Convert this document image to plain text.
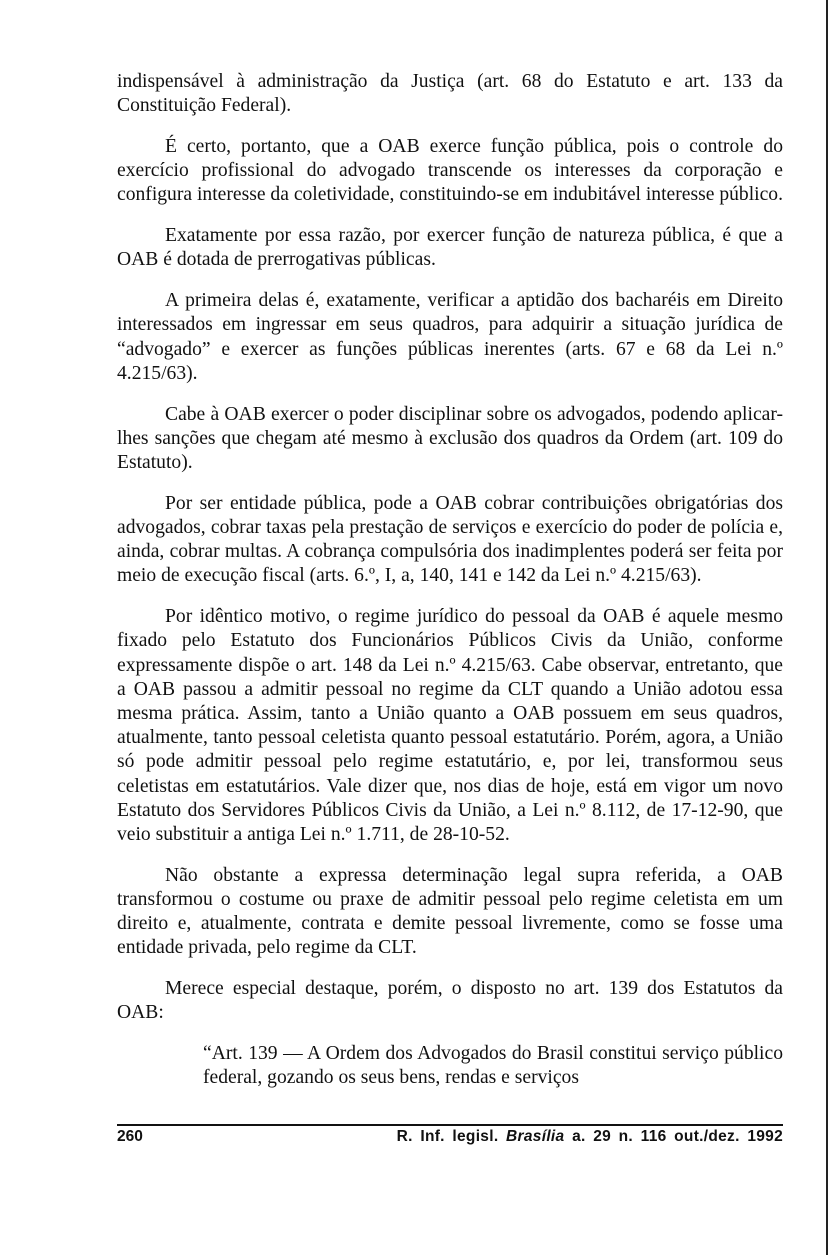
indispensável à administração da Justiça (art. 68 do Estatuto e art. 133 da Constituição Federal).

É certo, portanto, que a OAB exerce função pública, pois o controle do exercício profissional do advogado transcende os interesses da corporação e configura interesse da coletividade, constituindo-se em indubitável interesse público.

Exatamente por essa razão, por exercer função de natureza pública, é que a OAB é dotada de prerrogativas públicas.

A primeira delas é, exatamente, verificar a aptidão dos bacharéis em Direito interessados em ingressar em seus quadros, para adquirir a situação jurídica de “advogado” e exercer as funções públicas inerentes (arts. 67 e 68 da Lei n.º 4.215/63).

Cabe à OAB exercer o poder disciplinar sobre os advogados, podendo aplicar-lhes sanções que chegam até mesmo à exclusão dos quadros da Ordem (art. 109 do Estatuto).

Por ser entidade pública, pode a OAB cobrar contribuições obrigatórias dos advogados, cobrar taxas pela prestação de serviços e exercício do poder de polícia e, ainda, cobrar multas. A cobrança compulsória dos inadimplentes poderá ser feita por meio de execução fiscal (arts. 6.º, I, a, 140, 141 e 142 da Lei n.º 4.215/63).

Por idêntico motivo, o regime jurídico do pessoal da OAB é aquele mesmo fixado pelo Estatuto dos Funcionários Públicos Civis da União, conforme expressamente dispõe o art. 148 da Lei n.º 4.215/63. Cabe observar, entretanto, que a OAB passou a admitir pessoal no regime da CLT quando a União adotou essa mesma prática. Assim, tanto a União quanto a OAB possuem em seus quadros, atualmente, tanto pessoal celetista quanto pessoal estatutário. Porém, agora, a União só pode admitir pessoal pelo regime estatutário, e, por lei, transformou seus celetistas em estatutários. Vale dizer que, nos dias de hoje, está em vigor um novo Estatuto dos Servidores Públicos Civis da União, a Lei n.º 8.112, de 17-12-90, que veio substituir a antiga Lei n.º 1.711, de 28-10-52.

Não obstante a expressa determinação legal supra referida, a OAB transformou o costume ou praxe de admitir pessoal pelo regime celetista em um direito e, atualmente, contrata e demite pessoal livremente, como se fosse uma entidade privada, pelo regime da CLT.

Merece especial destaque, porém, o disposto no art. 139 dos Estatutos da OAB:

“Art. 139 — A Ordem dos Advogados do Brasil constitui serviço público federal, gozando os seus bens, rendas e serviços

260	R. Inf. legisl. Brasília a. 29 n. 116 out./dez. 1992
